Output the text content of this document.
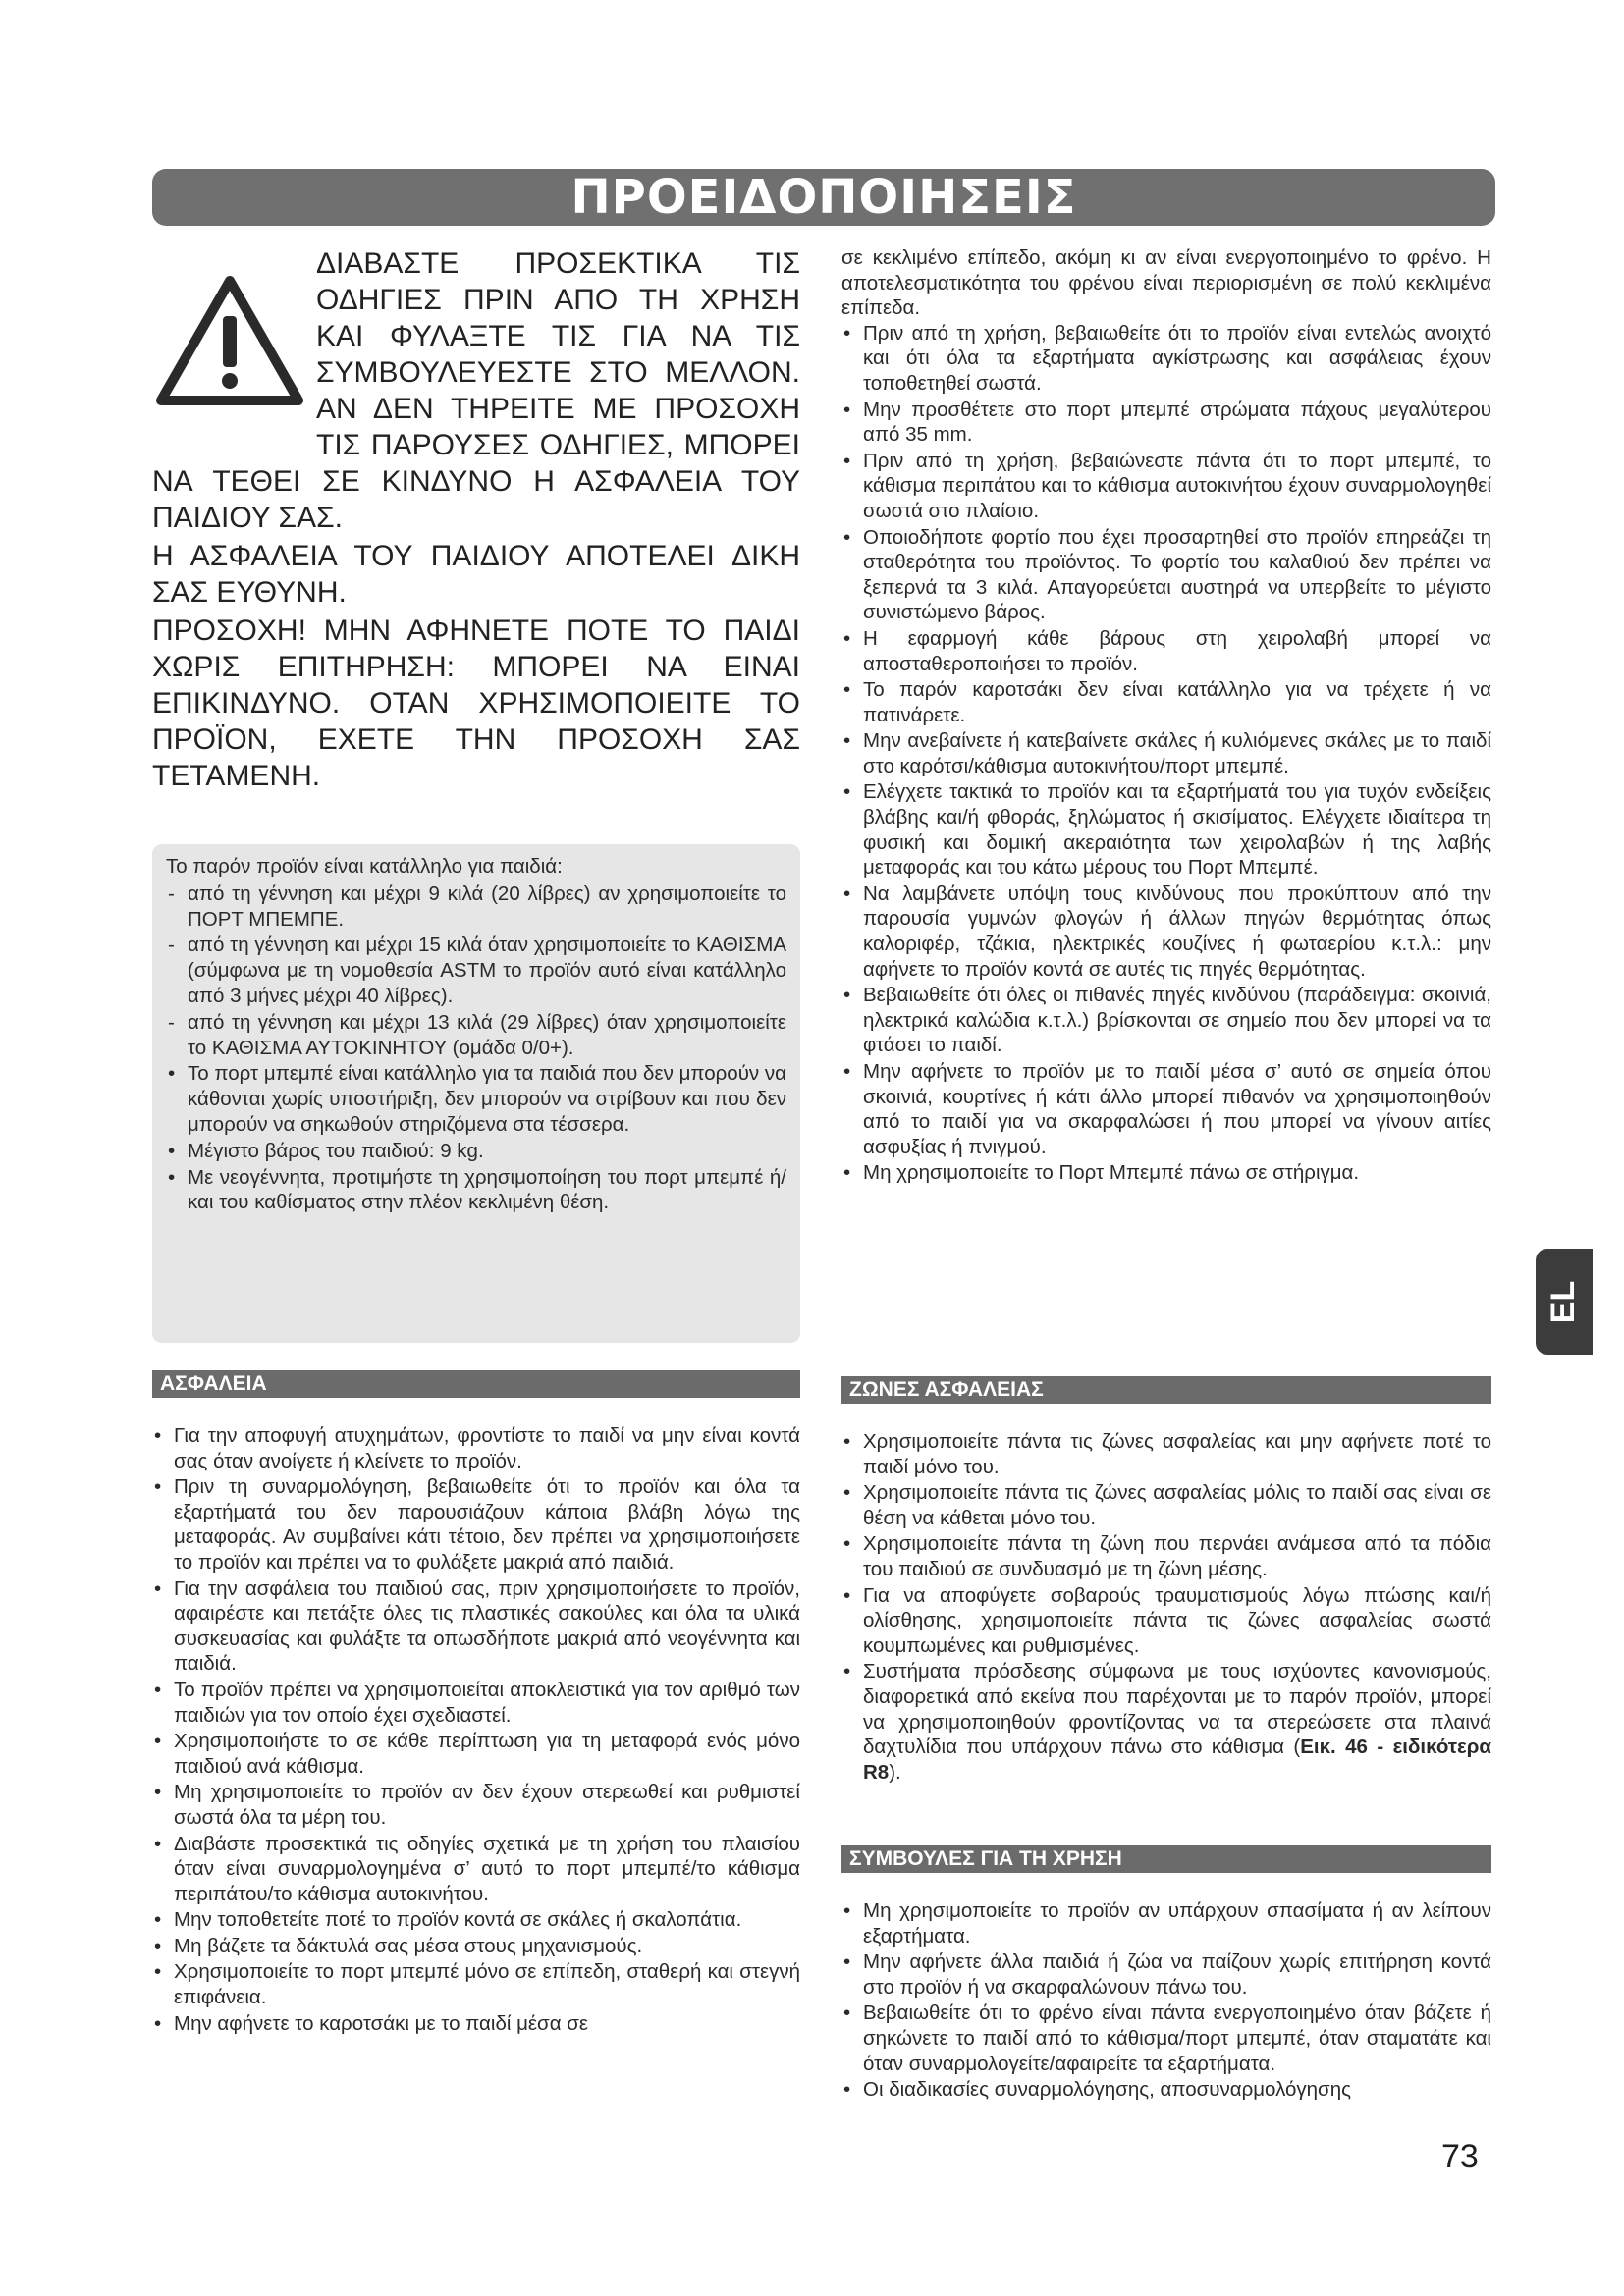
ΠΡΟΕΙΔΟΠΟΙΗΣΕΙΣ

ΔΙΑΒΑΣΤΕ ΠΡΟΣΕΚΤΙΚΑ ΤΙΣ ΟΔΗΓΙΕΣ ΠΡΙΝ ΑΠΟ ΤΗ ΧΡΗΣΗ ΚΑΙ ΦΥΛΑΞΤΕ ΤΙΣ ΓΙΑ ΝΑ ΤΙΣ ΣΥΜΒΟΥΛΕΥΕΣΤΕ ΣΤΟ ΜΕΛΛΟΝ. ΑΝ ΔΕΝ ΤΗΡΕΙΤΕ ΜΕ ΠΡΟΣΟΧΗ ΤΙΣ ΠΑΡΟΥΣΕΣ ΟΔΗΓΙΕΣ, ΜΠΟΡΕΙ ΝΑ ΤΕΘΕΙ ΣΕ ΚΙΝΔΥΝΟ Η ΑΣΦΑΛΕΙΑ ΤΟΥ ΠΑΙΔΙΟΥ ΣΑΣ.

Η ΑΣΦΑΛΕΙΑ ΤΟΥ ΠΑΙΔΙΟΥ ΑΠΟΤΕΛΕΙ ΔΙΚΗ ΣΑΣ ΕΥΘΥΝΗ.

ΠΡΟΣΟΧΗ! ΜΗΝ ΑΦΗΝΕΤΕ ΠΟΤΕ ΤΟ ΠΑΙΔΙ ΧΩΡΙΣ ΕΠΙΤΗΡΗΣΗ: ΜΠΟΡΕΙ ΝΑ ΕΙΝΑΙ ΕΠΙΚΙΝΔΥΝΟ. ΟΤΑΝ ΧΡΗΣΙΜΟΠΟΙΕΙΤΕ ΤΟ ΠΡΟΪΟΝ, ΕΧΕΤΕ ΤΗΝ ΠΡΟΣΟΧΗ ΣΑΣ ΤΕΤΑΜΕΝΗ.

Το παρόν προϊόν είναι κατάλληλο για παιδιά:

- από τη γέννηση και μέχρι 9 κιλά (20 λίβρες) αν χρησιμοποιείτε το ΠΟΡΤ ΜΠΕΜΠΕ.
- από τη γέννηση και μέχρι 15 κιλά όταν χρησιμοποιείτε το ΚΑΘΙΣΜΑ (σύμφωνα με τη νομοθεσία ASTM το προϊόν αυτό είναι κατάλληλο από 3 μήνες μέχρι 40 λίβρες).
- από τη γέννηση και μέχρι 13 κιλά (29 λίβρες) όταν χρησιμοποιείτε το ΚΑΘΙΣΜΑ ΑΥΤΟΚΙΝΗΤΟΥ (ομάδα 0/0+).
• Το πορτ μπεμπέ είναι κατάλληλο για τα παιδιά που δεν μπορούν να κάθονται χωρίς υποστήριξη, δεν μπορούν να στρίβουν και που δεν μπορούν να σηκωθούν στηριζόμενα στα τέσσερα.
• Μέγιστο βάρος του παιδιού: 9 kg.
• Με νεογέννητα, προτιμήστε τη χρησιμοποίηση του πορτ μπεμπέ ή/και του καθίσματος στην πλέον κεκλιμένη θέση.
ΑΣΦΑΛΕΙΑ
• Για την αποφυγή ατυχημάτων, φροντίστε το παιδί να μην είναι κοντά σας όταν ανοίγετε ή κλείνετε το προϊόν.
• Πριν τη συναρμολόγηση, βεβαιωθείτε ότι το προϊόν και όλα τα εξαρτήματά του δεν παρουσιάζουν κάποια βλάβη λόγω της μεταφοράς. Αν συμβαίνει κάτι τέτοιο, δεν πρέπει να χρησιμοποιήσετε το προϊόν και πρέπει να το φυλάξετε μακριά από παιδιά.
• Για την ασφάλεια του παιδιού σας, πριν χρησιμοποιήσετε το προϊόν, αφαιρέστε και πετάξτε όλες τις πλαστικές σακούλες και όλα τα υλικά συσκευασίας και φυλάξτε τα οπωσδήποτε μακριά από νεογέννητα και παιδιά.
• Το προϊόν πρέπει να χρησιμοποιείται αποκλειστικά για τον αριθμό των παιδιών για τον οποίο έχει σχεδιαστεί.
• Χρησιμοποιήστε το σε κάθε περίπτωση για τη μεταφορά ενός μόνο παιδιού ανά κάθισμα.
• Μη χρησιμοποιείτε το προϊόν αν δεν έχουν στερεωθεί και ρυθμιστεί σωστά όλα τα μέρη του.
• Διαβάστε προσεκτικά τις οδηγίες σχετικά με τη χρήση του πλαισίου όταν είναι συναρμολογημένα σ’ αυτό το πορτ μπεμπέ/το κάθισμα περιπάτου/το κάθισμα αυτοκινήτου.
• Μην τοποθετείτε ποτέ το προϊόν κοντά σε σκάλες ή σκαλοπάτια.
• Μη βάζετε τα δάκτυλά σας μέσα στους μηχανισμούς.
• Χρησιμοποιείτε το πορτ μπεμπέ μόνο σε επίπεδη, σταθερή και στεγνή επιφάνεια.
• Μην αφήνετε το καροτσάκι με το παιδί μέσα σε

σε κεκλιμένο επίπεδο, ακόμη κι αν είναι ενεργοποιημένο το φρένο. Η αποτελεσματικότητα του φρένου είναι περιορισμένη σε πολύ κεκλιμένα επίπεδα.

• Πριν από τη χρήση, βεβαιωθείτε ότι το προϊόν είναι εντελώς ανοιχτό και ότι όλα τα εξαρτήματα αγκίστρωσης και ασφάλειας έχουν τοποθετηθεί σωστά.
• Μην προσθέτετε στο πορτ μπεμπέ στρώματα πάχους μεγαλύτερου από 35 mm.
• Πριν από τη χρήση, βεβαιώνεστε πάντα ότι το πορτ μπεμπέ, το κάθισμα περιπάτου και το κάθισμα αυτοκινήτου έχουν συναρμολογηθεί σωστά στο πλαίσιο.
• Οποιοδήποτε φορτίο που έχει προσαρτηθεί στο προϊόν επηρεάζει τη σταθερότητα του προϊόντος. Το φορτίο του καλαθιού δεν πρέπει να ξεπερνά τα 3 κιλά. Απαγορεύεται αυστηρά να υπερβείτε το μέγιστο συνιστώμενο βάρος.
• Η εφαρμογή κάθε βάρους στη χειρολαβή μπορεί να αποσταθεροποιήσει το προϊόν.
• Το παρόν καροτσάκι δεν είναι κατάλληλο για να τρέχετε ή να πατινάρετε.
• Μην ανεβαίνετε ή κατεβαίνετε σκάλες ή κυλιόμενες σκάλες με το παιδί στο καρότσι/κάθισμα αυτοκινήτου/πορτ μπεμπέ.
• Ελέγχετε τακτικά το προϊόν και τα εξαρτήματά του για τυχόν ενδείξεις βλάβης και/ή φθοράς, ξηλώματος ή σκισίματος. Ελέγχετε ιδιαίτερα τη φυσική και δομική ακεραιότητα των χειρολαβών ή της λαβής μεταφοράς και του κάτω μέρους του Πορτ Μπεμπέ.
• Να λαμβάνετε υπόψη τους κινδύνους που προκύπτουν από την παρουσία γυμνών φλογών ή άλλων πηγών θερμότητας όπως καλοριφέρ, τζάκια, ηλεκτρικές κουζίνες ή φωταερίου κ.τ.λ.: μην αφήνετε το προϊόν κοντά σε αυτές τις πηγές θερμότητας.
• Βεβαιωθείτε ότι όλες οι πιθανές πηγές κινδύνου (παράδειγμα: σκοινιά, ηλεκτρικά καλώδια κ.τ.λ.) βρίσκονται σε σημείο που δεν μπορεί να τα φτάσει το παιδί.
• Μην αφήνετε το προϊόν με το παιδί μέσα σ’ αυτό σε σημεία όπου σκοινιά, κουρτίνες ή κάτι άλλο μπορεί πιθανόν να χρησιμοποιηθούν από το παιδί για να σκαρφαλώσει ή που μπορεί να γίνουν αιτίες ασφυξίας ή πνιγμού.
• Μη χρησιμοποιείτε το Πορτ Μπεμπέ πάνω σε στήριγμα.
ΖΩΝΕΣ ΑΣΦΑΛΕΙΑΣ
• Χρησιμοποιείτε πάντα τις ζώνες ασφαλείας και μην αφήνετε ποτέ το παιδί μόνο του.
• Χρησιμοποιείτε πάντα τις ζώνες ασφαλείας μόλις το παιδί σας είναι σε θέση να κάθεται μόνο του.
• Χρησιμοποιείτε πάντα τη ζώνη που περνάει ανάμεσα από τα πόδια του παιδιού σε συνδυασμό με τη ζώνη μέσης.
• Για να αποφύγετε σοβαρούς τραυματισμούς λόγω πτώσης και/ή ολίσθησης, χρησιμοποιείτε πάντα τις ζώνες ασφαλείας σωστά κουμπωμένες και ρυθμισμένες.
• Συστήματα πρόσδεσης σύμφωνα με τους ισχύοντες κανονισμούς, διαφορετικά από εκείνα που παρέχονται με το παρόν προϊόν, μπορεί να χρησιμοποιηθούν φροντίζοντας να τα στερεώσετε στα πλαινά δαχτυλίδια που υπάρχουν πάνω στο κάθισμα (Εικ. 46 - ειδικότερα R8).
ΣΥΜΒΟΥΛΕΣ ΓΙΑ ΤΗ ΧΡΗΣΗ
• Μη χρησιμοποιείτε το προϊόν αν υπάρχουν σπασίματα ή αν λείπουν εξαρτήματα.
• Μην αφήνετε άλλα παιδιά ή ζώα να παίζουν χωρίς επιτήρηση κοντά στο προϊόν ή να σκαρφαλώνουν πάνω του.
• Βεβαιωθείτε ότι το φρένο είναι πάντα ενεργοποιημένο όταν βάζετε ή σηκώνετε το παιδί από το κάθισμα/πορτ μπεμπέ, όταν σταματάτε και όταν συναρμολογείτε/αφαιρείτε τα εξαρτήματα.
• Οι διαδικασίες συναρμολόγησης, αποσυναρμολόγησης
EL
73
